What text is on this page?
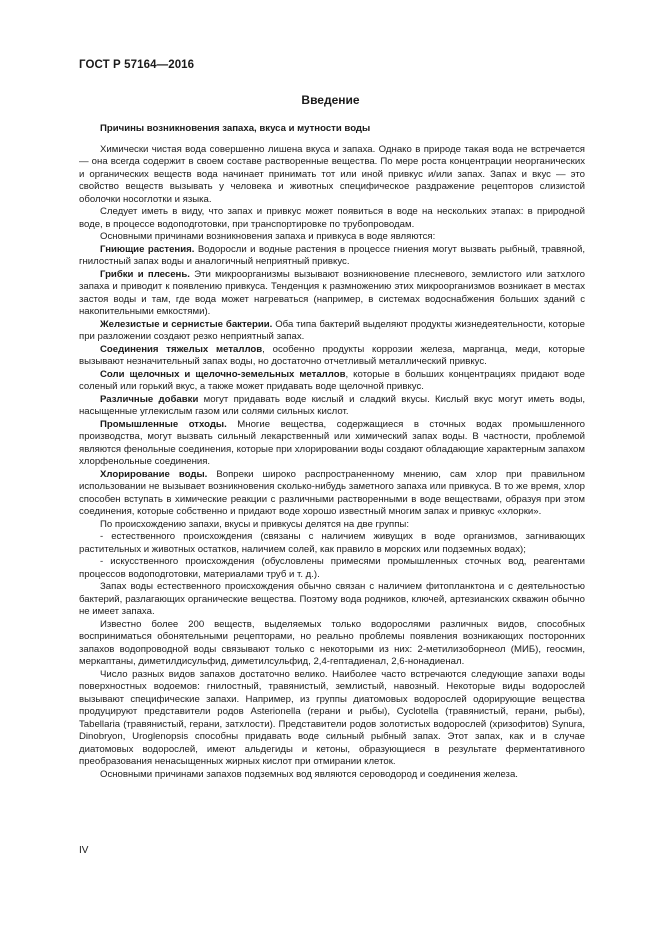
ГОСТ Р 57164—2016
Введение

Причины возникновения запаха, вкуса и мутности воды

Химически чистая вода совершенно лишена вкуса и запаха. Однако в природе такая вода не встречается — она всегда содержит в своем составе растворенные вещества. По мере роста концентрации неорганических и органических веществ вода начинает принимать тот или иной привкус и/или запах. Запах и вкус — это свойство веществ вызывать у человека и животных специфическое раздражение рецепторов слизистой оболочки носоглотки и языка.

Следует иметь в виду, что запах и привкус может появиться в воде на нескольких этапах: в природной воде, в процессе водоподготовки, при транспортировке по трубопроводам.

Основными причинами возникновения запаха и привкуса в воде являются:

Гниющие растения. Водоросли и водные растения в процессе гниения могут вызвать рыбный, травяной, гнилостный запах воды и аналогичный неприятный привкус.

Грибки и плесень. Эти микроорганизмы вызывают возникновение плесневого, землистого или затхлого запаха и приводит к появлению привкуса. Тенденция к размножению этих микроорганизмов возникает в местах застоя воды и там, где вода может нагреваться (например, в системах водоснабжения больших зданий с накопительными емкостями).

Железистые и сернистые бактерии. Оба типа бактерий выделяют продукты жизнедеятельности, которые при разложении создают резко неприятный запах.

Соединения тяжелых металлов, особенно продукты коррозии железа, марганца, меди, которые вызывают незначительный запах воды, но достаточно отчетливый металлический привкус.

Соли щелочных и щелочно-земельных металлов, которые в больших концентрациях придают воде соленый или горький вкус, а также может придавать воде щелочной привкус.

Различные добавки могут придавать воде кислый и сладкий вкусы. Кислый вкус могут иметь воды, насыщенные углекислым газом или солями сильных кислот.

Промышленные отходы. Многие вещества, содержащиеся в сточных водах промышленного производства, могут вызвать сильный лекарственный или химический запах воды. В частности, проблемой являются фенольные соединения, которые при хлорировании воды создают обладающие характерным запахом хлорфенольные соединения.

Хлорирование воды. Вопреки широко распространенному мнению, сам хлор при правильном использовании не вызывает возникновения сколько-нибудь заметного запаха или привкуса. В то же время, хлор способен вступать в химические реакции с различными растворенными в воде веществами, образуя при этом соединения, которые собственно и придают воде хорошо известный многим запах и привкус «хлорки».

По происхождению запахи, вкусы и привкусы делятся на две группы:

- естественного происхождения (связаны с наличием живущих в воде организмов, загнивающих растительных и животных остатков, наличием солей, как правило в морских или подземных водах);

- искусственного происхождения (обусловлены примесями промышленных сточных вод, реагентами процессов водоподготовки, материалами труб и т. д.).

Запах воды естественного происхождения обычно связан с наличием фитопланктона и с деятельностью бактерий, разлагающих органические вещества. Поэтому вода родников, ключей, артезианских скважин обычно не имеет запаха.

Известно более 200 веществ, выделяемых только водорослями различных видов, способных восприниматься обонятельными рецепторами, но реально проблемы появления возникающих посторонних запахов водопроводной воды связывают только с некоторыми из них: 2-метилизоборнеол (МИБ), геосмин, меркаптаны, диметилдисульфид, диметилсульфид, 2,4-гептадиенал, 2,6-нонадиенал.

Число разных видов запахов достаточно велико. Наиболее часто встречаются следующие запахи воды поверхностных водоемов: гнилостный, травянистый, землистый, навозный. Некоторые виды водорослей вызывают специфические запахи. Например, из группы диатомовых водорослей одорирующие вещества продуцируют представители родов Asterionella (герани и рыбы), Cyclotella (травянистый, герани, рыбы), Tabellaria (травянистый, герани, затхлости). Представители родов золотистых водорослей (хризофитов) Synura, Dinobryon, Uroglenopsis способны придавать воде сильный рыбный запах. Этот запах, как и в случае диатомовых водорослей, имеют альдегиды и кетоны, образующиеся в результате ферментативного преобразования ненасыщенных жирных кислот при отмирании клеток.

Основными причинами запахов подземных вод являются сероводород и соединения железа.

IV
